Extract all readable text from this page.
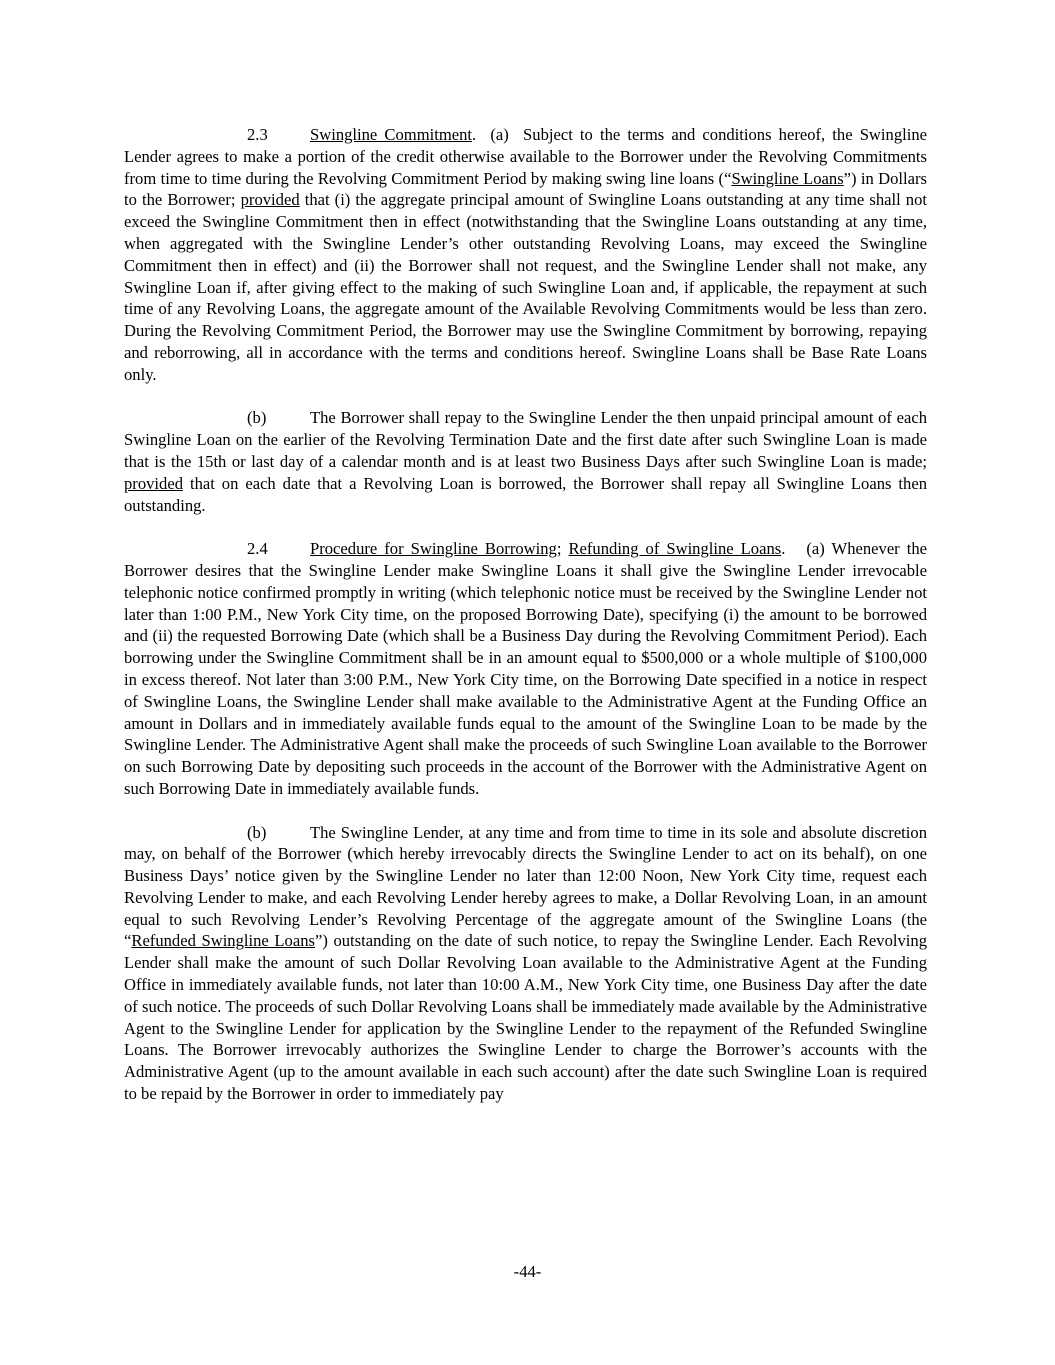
2.3	Swingline Commitment.  (a) Subject to the terms and conditions hereof, the Swingline Lender agrees to make a portion of the credit otherwise available to the Borrower under the Revolving Commitments from time to time during the Revolving Commitment Period by making swing line loans (“Swingline Loans”) in Dollars to the Borrower; provided that (i) the aggregate principal amount of Swingline Loans outstanding at any time shall not exceed the Swingline Commitment then in effect (notwithstanding that the Swingline Loans outstanding at any time, when aggregated with the Swingline Lender’s other outstanding Revolving Loans, may exceed the Swingline Commitment then in effect) and (ii) the Borrower shall not request, and the Swingline Lender shall not make, any Swingline Loan if, after giving effect to the making of such Swingline Loan and, if applicable, the repayment at such time of any Revolving Loans, the aggregate amount of the Available Revolving Commitments would be less than zero. During the Revolving Commitment Period, the Borrower may use the Swingline Commitment by borrowing, repaying and reborrowing, all in accordance with the terms and conditions hereof. Swingline Loans shall be Base Rate Loans only.

(b)	The Borrower shall repay to the Swingline Lender the then unpaid principal amount of each Swingline Loan on the earlier of the Revolving Termination Date and the first date after such Swingline Loan is made that is the 15th or last day of a calendar month and is at least two Business Days after such Swingline Loan is made; provided that on each date that a Revolving Loan is borrowed, the Borrower shall repay all Swingline Loans then outstanding.

2.4	Procedure for Swingline Borrowing; Refunding of Swingline Loans.   (a) Whenever the Borrower desires that the Swingline Lender make Swingline Loans it shall give the Swingline Lender irrevocable telephonic notice confirmed promptly in writing (which telephonic notice must be received by the Swingline Lender not later than 1:00 P.M., New York City time, on the proposed Borrowing Date), specifying (i) the amount to be borrowed and (ii) the requested Borrowing Date (which shall be a Business Day during the Revolving Commitment Period). Each borrowing under the Swingline Commitment shall be in an amount equal to $500,000 or a whole multiple of $100,000 in excess thereof. Not later than 3:00 P.M., New York City time, on the Borrowing Date specified in a notice in respect of Swingline Loans, the Swingline Lender shall make available to the Administrative Agent at the Funding Office an amount in Dollars and in immediately available funds equal to the amount of the Swingline Loan to be made by the Swingline Lender. The Administrative Agent shall make the proceeds of such Swingline Loan available to the Borrower on such Borrowing Date by depositing such proceeds in the account of the Borrower with the Administrative Agent on such Borrowing Date in immediately available funds.

(b)	The Swingline Lender, at any time and from time to time in its sole and absolute discretion may, on behalf of the Borrower (which hereby irrevocably directs the Swingline Lender to act on its behalf), on one Business Days’ notice given by the Swingline Lender no later than 12:00 Noon, New York City time, request each Revolving Lender to make, and each Revolving Lender hereby agrees to make, a Dollar Revolving Loan, in an amount equal to such Revolving Lender’s Revolving Percentage of the aggregate amount of the Swingline Loans (the “Refunded Swingline Loans”) outstanding on the date of such notice, to repay the Swingline Lender. Each Revolving Lender shall make the amount of such Dollar Revolving Loan available to the Administrative Agent at the Funding Office in immediately available funds, not later than 10:00 A.M., New York City time, one Business Day after the date of such notice. The proceeds of such Dollar Revolving Loans shall be immediately made available by the Administrative Agent to the Swingline Lender for application by the Swingline Lender to the repayment of the Refunded Swingline Loans. The Borrower irrevocably authorizes the Swingline Lender to charge the Borrower’s accounts with the Administrative Agent (up to the amount available in each such account) after the date such Swingline Loan is required to be repaid by the Borrower in order to immediately pay

-44-
